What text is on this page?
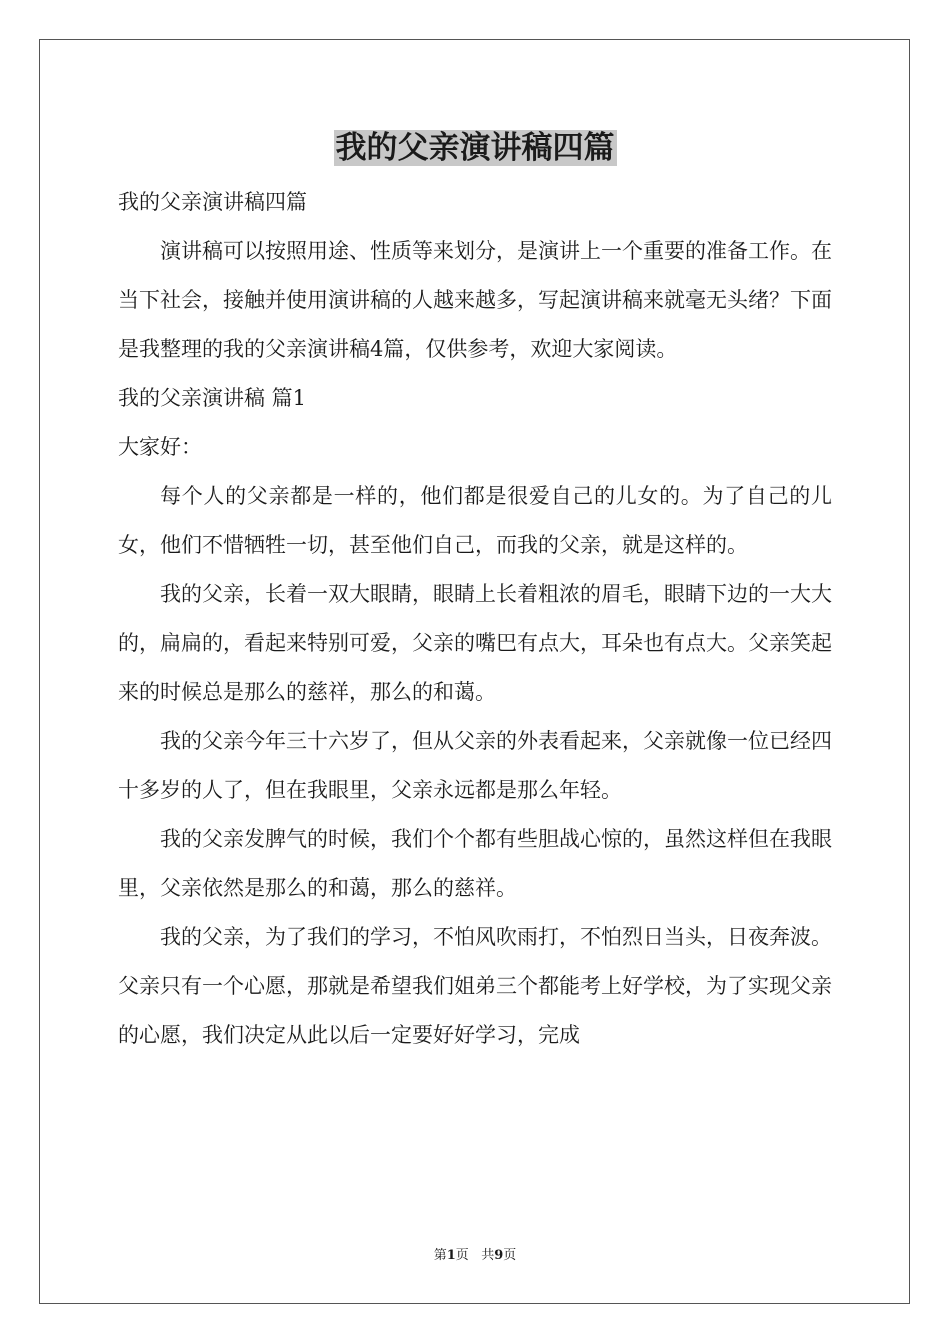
我的父亲演讲稿四篇

我的父亲演讲稿四篇

演讲稿可以按照用途、性质等来划分，是演讲上一个重要的准备工作。在当下社会，接触并使用演讲稿的人越来越多，写起演讲稿来就毫无头绪？下面是我整理的我的父亲演讲稿4篇，仅供参考，欢迎大家阅读。

我的父亲演讲稿 篇1

大家好：

每个人的父亲都是一样的，他们都是很爱自己的儿女的。为了自己的儿女，他们不惜牺牲一切，甚至他们自己，而我的父亲，就是这样的。

我的父亲，长着一双大眼睛，眼睛上长着粗浓的眉毛，眼睛下边的一大大的，扁扁的，看起来特别可爱，父亲的嘴巴有点大，耳朵也有点大。父亲笑起来的时候总是那么的慈祥，那么的和蔼。

我的父亲今年三十六岁了，但从父亲的外表看起来，父亲就像一位已经四十多岁的人了，但在我眼里，父亲永远都是那么年轻。

我的父亲发脾气的时候，我们个个都有些胆战心惊的，虽然这样但在我眼里，父亲依然是那么的和蔼，那么的慈祥。

我的父亲，为了我们的学习，不怕风吹雨打，不怕烈日当头，日夜奔波。父亲只有一个心愿，那就是希望我们姐弟三个都能考上好学校，为了实现父亲的心愿，我们决定从此以后一定要好好学习，完成

第1页 共9页
